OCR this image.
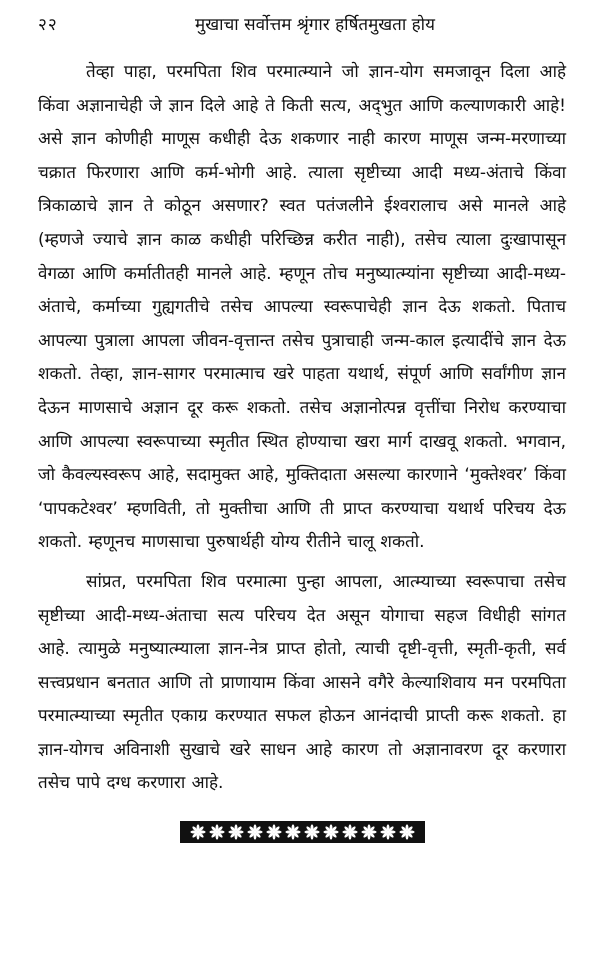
२२	मुखाचा सर्वोत्तम श्रृंगार हर्षितमुखता होय

तेव्हा पाहा, परमपिता शिव परमात्म्याने जो ज्ञान-योग समजावून दिला आहे किंवा अज्ञानाचेही जे ज्ञान दिले आहे ते किती सत्य, अद्‌भुत आणि कल्याणकारी आहे! असे ज्ञान कोणीही माणूस कधीही देऊ शकणार नाही कारण माणूस जन्म-मरणाच्या चक्रात फिरणारा आणि कर्म-भोगी आहे. त्याला सृष्टीच्या आदी मध्य-अंताचे किंवा त्रिकाळाचे ज्ञान ते कोठून असणार? स्वत पतंजलीने ईश्वरालाच असे मानले आहे (म्हणजे ज्याचे ज्ञान काळ कधीही परिच्छिन्न करीत नाही), तसेच त्याला दुःखापासून वेगळा आणि कर्मातीतही मानले आहे. म्हणून तोच मनुष्यात्म्यांना सृष्टीच्या आदी-मध्य-अंताचे, कर्माच्या गुह्यगतीचे तसेच आपल्या स्वरूपाचेही ज्ञान देऊ शकतो. पिताच आपल्या पुत्राला आपला जीवन-वृत्तान्त तसेच पुत्राचाही जन्म-काल इत्यादींचे ज्ञान देऊ शकतो. तेव्हा, ज्ञान-सागर परमात्माच खरे पाहता यथार्थ, संपूर्ण आणि सर्वांगीण ज्ञान देऊन माणसाचे अज्ञान दूर करू शकतो. तसेच अज्ञानोत्पन्न वृत्तींचा निरोध करण्याचा आणि आपल्या स्वरूपाच्या स्मृतीत स्थित होण्याचा खरा मार्ग दाखवू शकतो. भगवान, जो कैवल्यस्वरूप आहे, सदामुक्त आहे, मुक्तिदाता असल्या कारणाने ‘मुक्तेश्वर’ किंवा ‘पापकटेश्वर’ म्हणविती, तो मुक्तीचा आणि ती प्राप्त करण्याचा यथार्थ परिचय देऊ शकतो. म्हणूनच माणसाचा पुरुषार्थही योग्य रीतीने चालू शकतो.

सांप्रत, परमपिता शिव परमात्मा पुन्हा आपला, आत्म्याच्या स्वरूपाचा तसेच सृष्टीच्या आदी-मध्य-अंताचा सत्य परिचय देत असून योगाचा सहज विधीही सांगत आहे. त्यामुळे मनुष्यात्म्याला ज्ञान-नेत्र प्राप्त होतो, त्याची दृष्टी-वृत्ती, स्मृती-कृती, सर्व सत्त्वप्रधान बनतात आणि तो प्राणायाम किंवा आसने वगैरे केल्याशिवाय मन परमपिता परमात्म्याच्या स्मृतीत एकाग्र करण्यात सफल होऊन आनंदाची प्राप्ती करू शकतो. हा ज्ञान-योगच अविनाशी सुखाचे खरे साधन आहे कारण तो अज्ञानावरण दूर करणारा तसेच पापे दग्ध करणारा आहे.
